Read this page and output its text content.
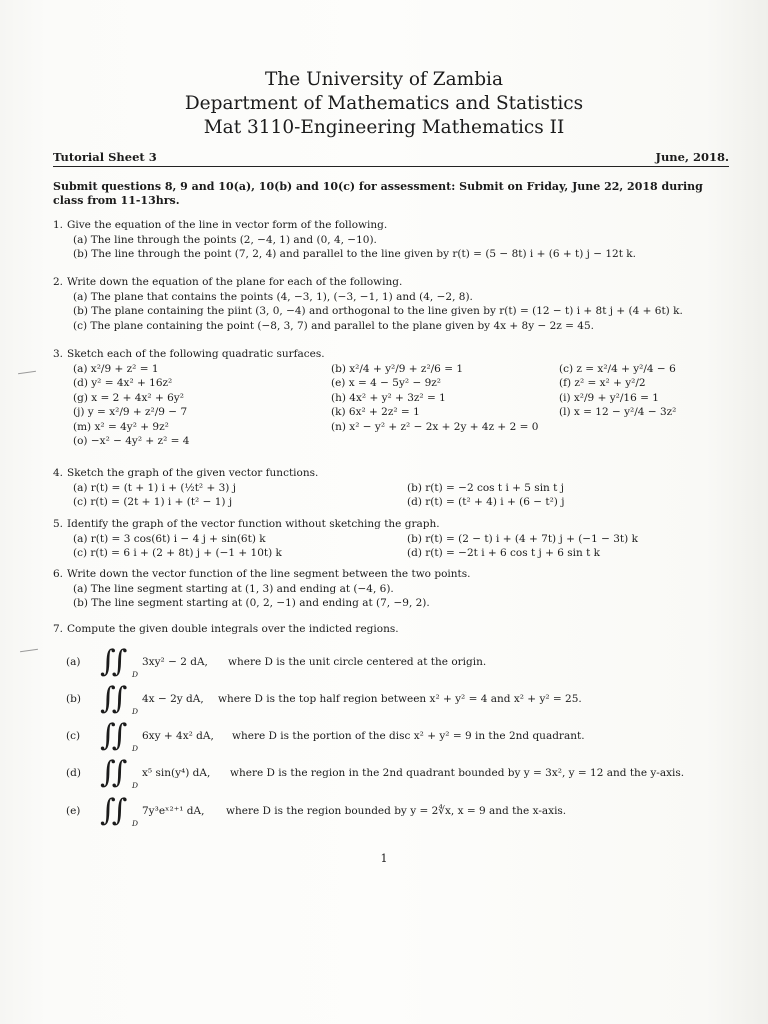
The University of Zambia
Department of Mathematics and Statistics
Mat 3110-Engineering Mathematics II
Tutorial Sheet 3	June, 2018.
Submit questions 8, 9 and 10(a), 10(b) and 10(c) for assessment: Submit on Friday, June 22, 2018 during class from 11-13hrs.
1. Give the equation of the line in vector form of the following.
(a) The line through the points (2, −4, 1) and (0, 4, −10).
(b) The line through the point (7, 2, 4) and parallel to the line given by r(t) = (5 − 8t) i + (6 + t) j − 12t k.
2. Write down the equation of the plane for each of the following.
(a) The plane that contains the points (4, −3, 1), (−3, −1, 1) and (4, −2, 8).
(b) The plane containing the piint (3, 0, −4) and orthogonal to the line given by r(t) = (12 − t) i + 8t j + (4 + 6t) k.
(c) The plane containing the point (−8, 3, 7) and parallel to the plane given by 4x + 8y − 2z = 45.
3. Sketch each of the following quadratic surfaces.
(a) x²/9 + z² = 1	(b) x²/4 + y²/9 + z²/6 = 1	(c) z = x²/4 + y²/4 − 6
(d) y² = 4x² + 16z²	(e) x = 4 − 5y² − 9z²	(f) z² = x² + y²/2
(g) x = 2 + 4x² + 6y²	(h) 4x² + y² + 3z² = 1	(i) x²/9 + y²/16 = 1
(j) y = x²/9 + z²/9 − 7	(k) 6x² + 2z² = 1	(l) x = 12 − y²/4 − 3z²
(m) x² = 4y² + 9z²	(n) x² − y² + z² − 2x + 2y + 4z + 2 = 0
(o) −x² − 4y² + z² = 4
4. Sketch the graph of the given vector functions.
(a) r(t) = (t + 1) i + (½t² + 3) j	(b) r(t) = −2 cos t i + 5 sin t j
(c) r(t) = (2t + 1) i + (t² − 1) j	(d) r(t) = (t² + 4) i + (6 − t²) j
5. Identify the graph of the vector function without sketching the graph.
(a) r(t) = 3 cos(6t) i − 4 j + sin(6t) k	(b) r(t) = (2 − t) i + (4 + 7t) j + (−1 − 3t) k
(c) r(t) = 6 i + (2 + 8t) j + (−1 + 10t) k	(d) r(t) = −2t i + 6 cos t j + 6 sin t k
6. Write down the vector function of the line segment between the two points.
(a) The line segment starting at (1, 3) and ending at (−4, 6).
(b) The line segment starting at (0, 2, −1) and ending at (7, −9, 2).
7. Compute the given double integrals over the indicted regions.
(a) ∫∫ D
3xy² − 2 dA, where D is the unit circle centered at the origin.
(b) ∫∫ D
4x − 2y dA, where D is the top half region between x² + y² = 4 and x² + y² = 25.
(c) ∫∫ D
6xy + 4x² dA, where D is the portion of the disc x² + y² = 9 in the 2nd quadrant.
(d) ∫∫ D
x⁵ sin(y⁴) dA, where D is the region in the 2nd quadrant bounded by y = 3x², y = 12 and the y-axis.
(e) ∫∫ D
7y³eˣ²⁺¹ dA, where D is the region bounded by y = 2∜x, x = 9 and the x-axis.
1
